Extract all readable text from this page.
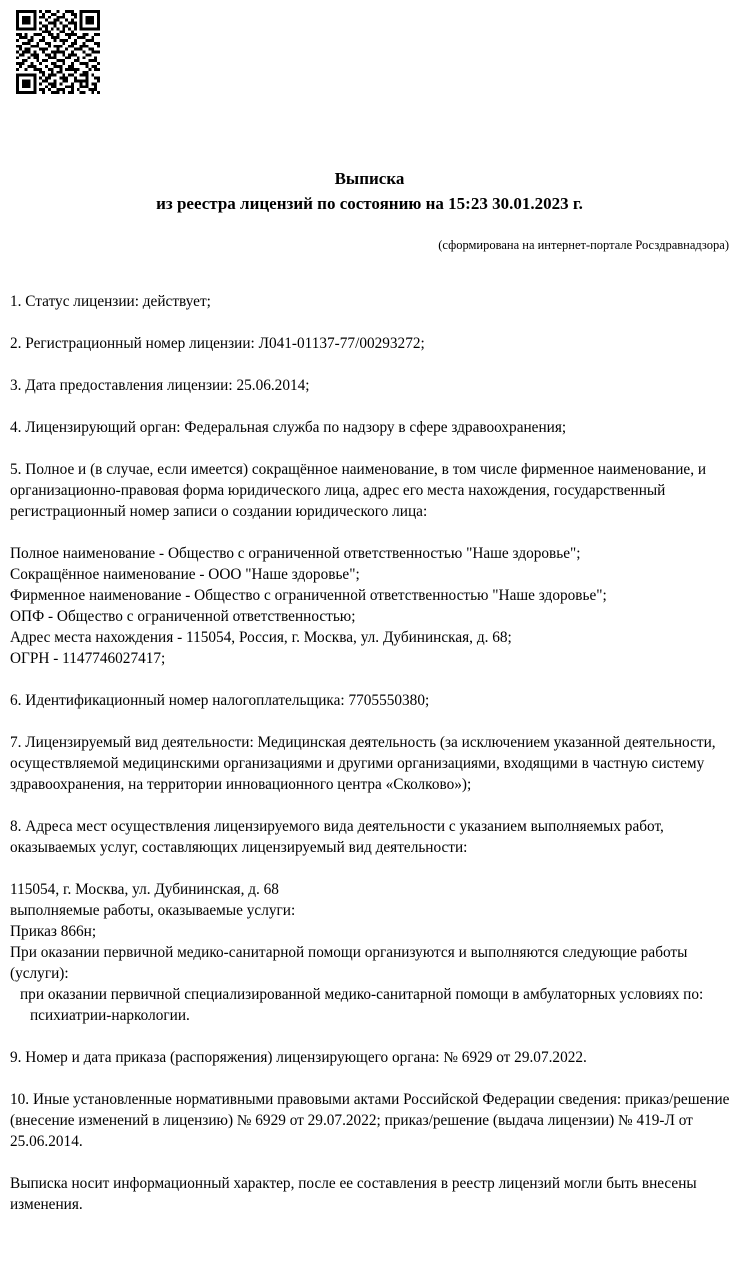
Выписка
из реестра лицензий по состоянию на 15:23 30.01.2023 г.
(сформирована на интернет-портале Росздравнадзора)

1. Статус лицензии: действует;

2. Регистрационный номер лицензии: Л041-01137-77/00293272;

3. Дата предоставления лицензии: 25.06.2014;

4. Лицензирующий орган: Федеральная служба по надзору в сфере здравоохранения;

5. Полное и (в случае, если имеется) сокращённое наименование, в том числе фирменное наименование, и организационно-правовая форма юридического лица, адрес его места нахождения, государственный регистрационный номер записи о создании юридического лица:

Полное наименование - Общество с ограниченной ответственностью "Наше здоровье";

Сокращённое наименование - ООО "Наше здоровье";

Фирменное наименование - Общество с ограниченной ответственностью "Наше здоровье";

ОПФ - Общество с ограниченной ответственностью;

Адрес места нахождения - 115054, Россия, г. Москва, ул. Дубининская, д. 68;

ОГРН - 1147746027417;

6. Идентификационный номер налогоплательщика: 7705550380;

7. Лицензируемый вид деятельности: Медицинская деятельность (за исключением указанной деятельности, осуществляемой медицинскими организациями и другими организациями, входящими в частную систему здравоохранения, на территории инновационного центра «Сколково»);

8. Адреса мест осуществления лицензируемого вида деятельности с указанием выполняемых работ, оказываемых услуг, составляющих лицензируемый вид деятельности:

115054, г. Москва, ул. Дубининская, д. 68

выполняемые работы, оказываемые услуги:

Приказ 866н;

При оказании первичной медико-санитарной помощи организуются и выполняются следующие работы (услуги):

при оказании первичной специализированной медико-санитарной помощи в амбулаторных условиях по:

психиатрии-наркологии.

9. Номер и дата приказа (распоряжения) лицензирующего органа: № 6929 от 29.07.2022.

10. Иные установленные нормативными правовыми актами Российской Федерации сведения: приказ/решение (внесение изменений в лицензию) № 6929 от 29.07.2022; приказ/решение (выдача лицензии) № 419-Л от 25.06.2014.

Выписка носит информационный характер, после ее составления в реестр лицензий могли быть внесены изменения.
